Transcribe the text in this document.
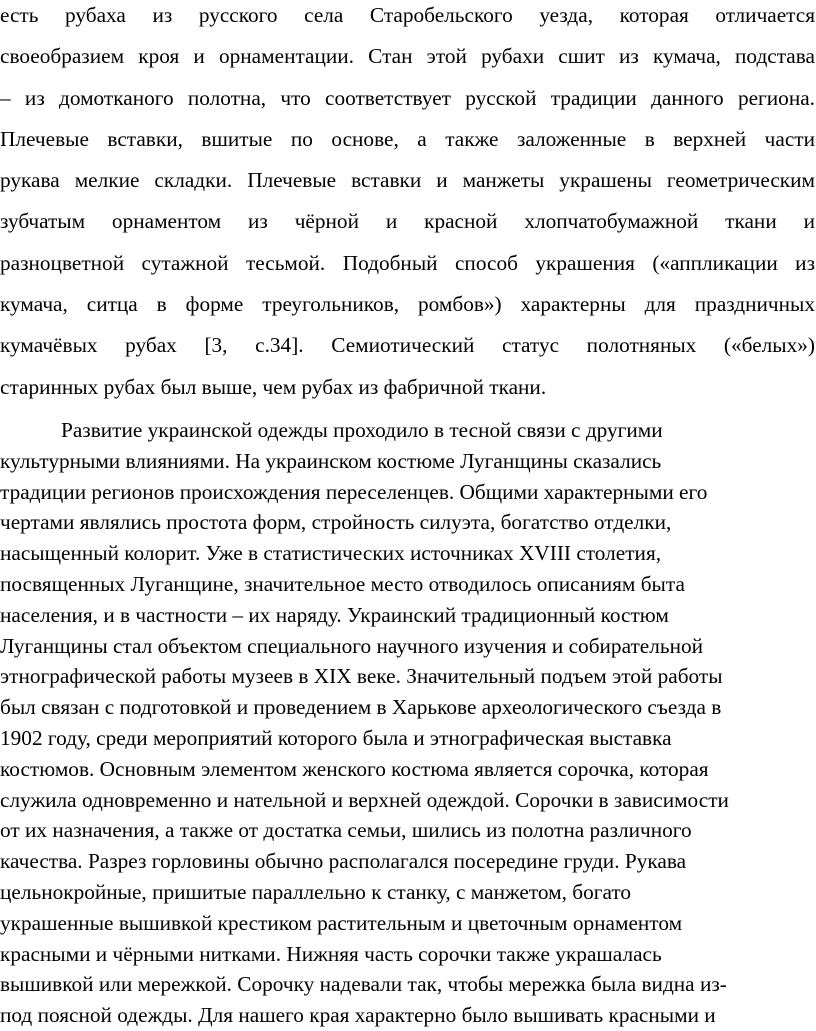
есть рубаха из русского села Старобельского уезда, которая отличается
своеобразием кроя и орнаментации. Стан этой рубахи сшит из кумача, подстава
– из домотканого полотна, что соответствует русской традиции данного региона.
Плечевые вставки, вшитые по основе, а также заложенные в верхней части
рукава мелкие складки. Плечевые вставки и манжеты украшены геометрическим
зубчатым орнаментом из чёрной и красной хлопчатобумажной ткани и
разноцветной сутажной тесьмой. Подобный способ украшения («аппликации из
кумача, ситца в форме треугольников, ромбов») характерны для праздничных
кумачёвых рубах [3, с.34]. Семиотический статус полотняных («белых»)
старинных рубах был выше, чем рубах из фабричной ткани.
Развитие украинской одежды проходило в тесной связи с другими
культурными влияниями. На украинском костюме Луганщины сказались
традиции регионов происхождения переселенцев. Общими характерными его
чертами являлись простота форм, стройность силуэта, богатство отделки,
насыщенный колорит. Уже в статистических источниках XVIII столетия,
посвященных Луганщине, значительное место отводилось описаниям быта
населения, и в частности – их наряду. Украинский традиционный костюм
Луганщины стал объектом специального научного изучения и собирательной
этнографической работы музеев в XIX веке. Значительный подъем этой работы
был связан с подготовкой и проведением в Харькове археологического съезда в
1902 году, среди мероприятий которого была и этнографическая выставка
костюмов. Основным элементом женского костюма является сорочка, которая
служила одновременно и нательной и верхней одеждой. Сорочки в зависимости
от их назначения, а также от достатка семьи, шились из полотна различного
качества. Разрез горловины обычно располагался посередине груди. Рукава
цельнокройные, пришитые параллельно к станку, с манжетом, богато
украшенные вышивкой крестиком растительным и цветочным орнаментом
красными и чёрными нитками. Нижняя часть сорочки также украшалась
вышивкой или мережкой. Сорочку надевали так, чтобы мережка была видна из-
под поясной одежды. Для нашего края характерно было вышивать красными и
